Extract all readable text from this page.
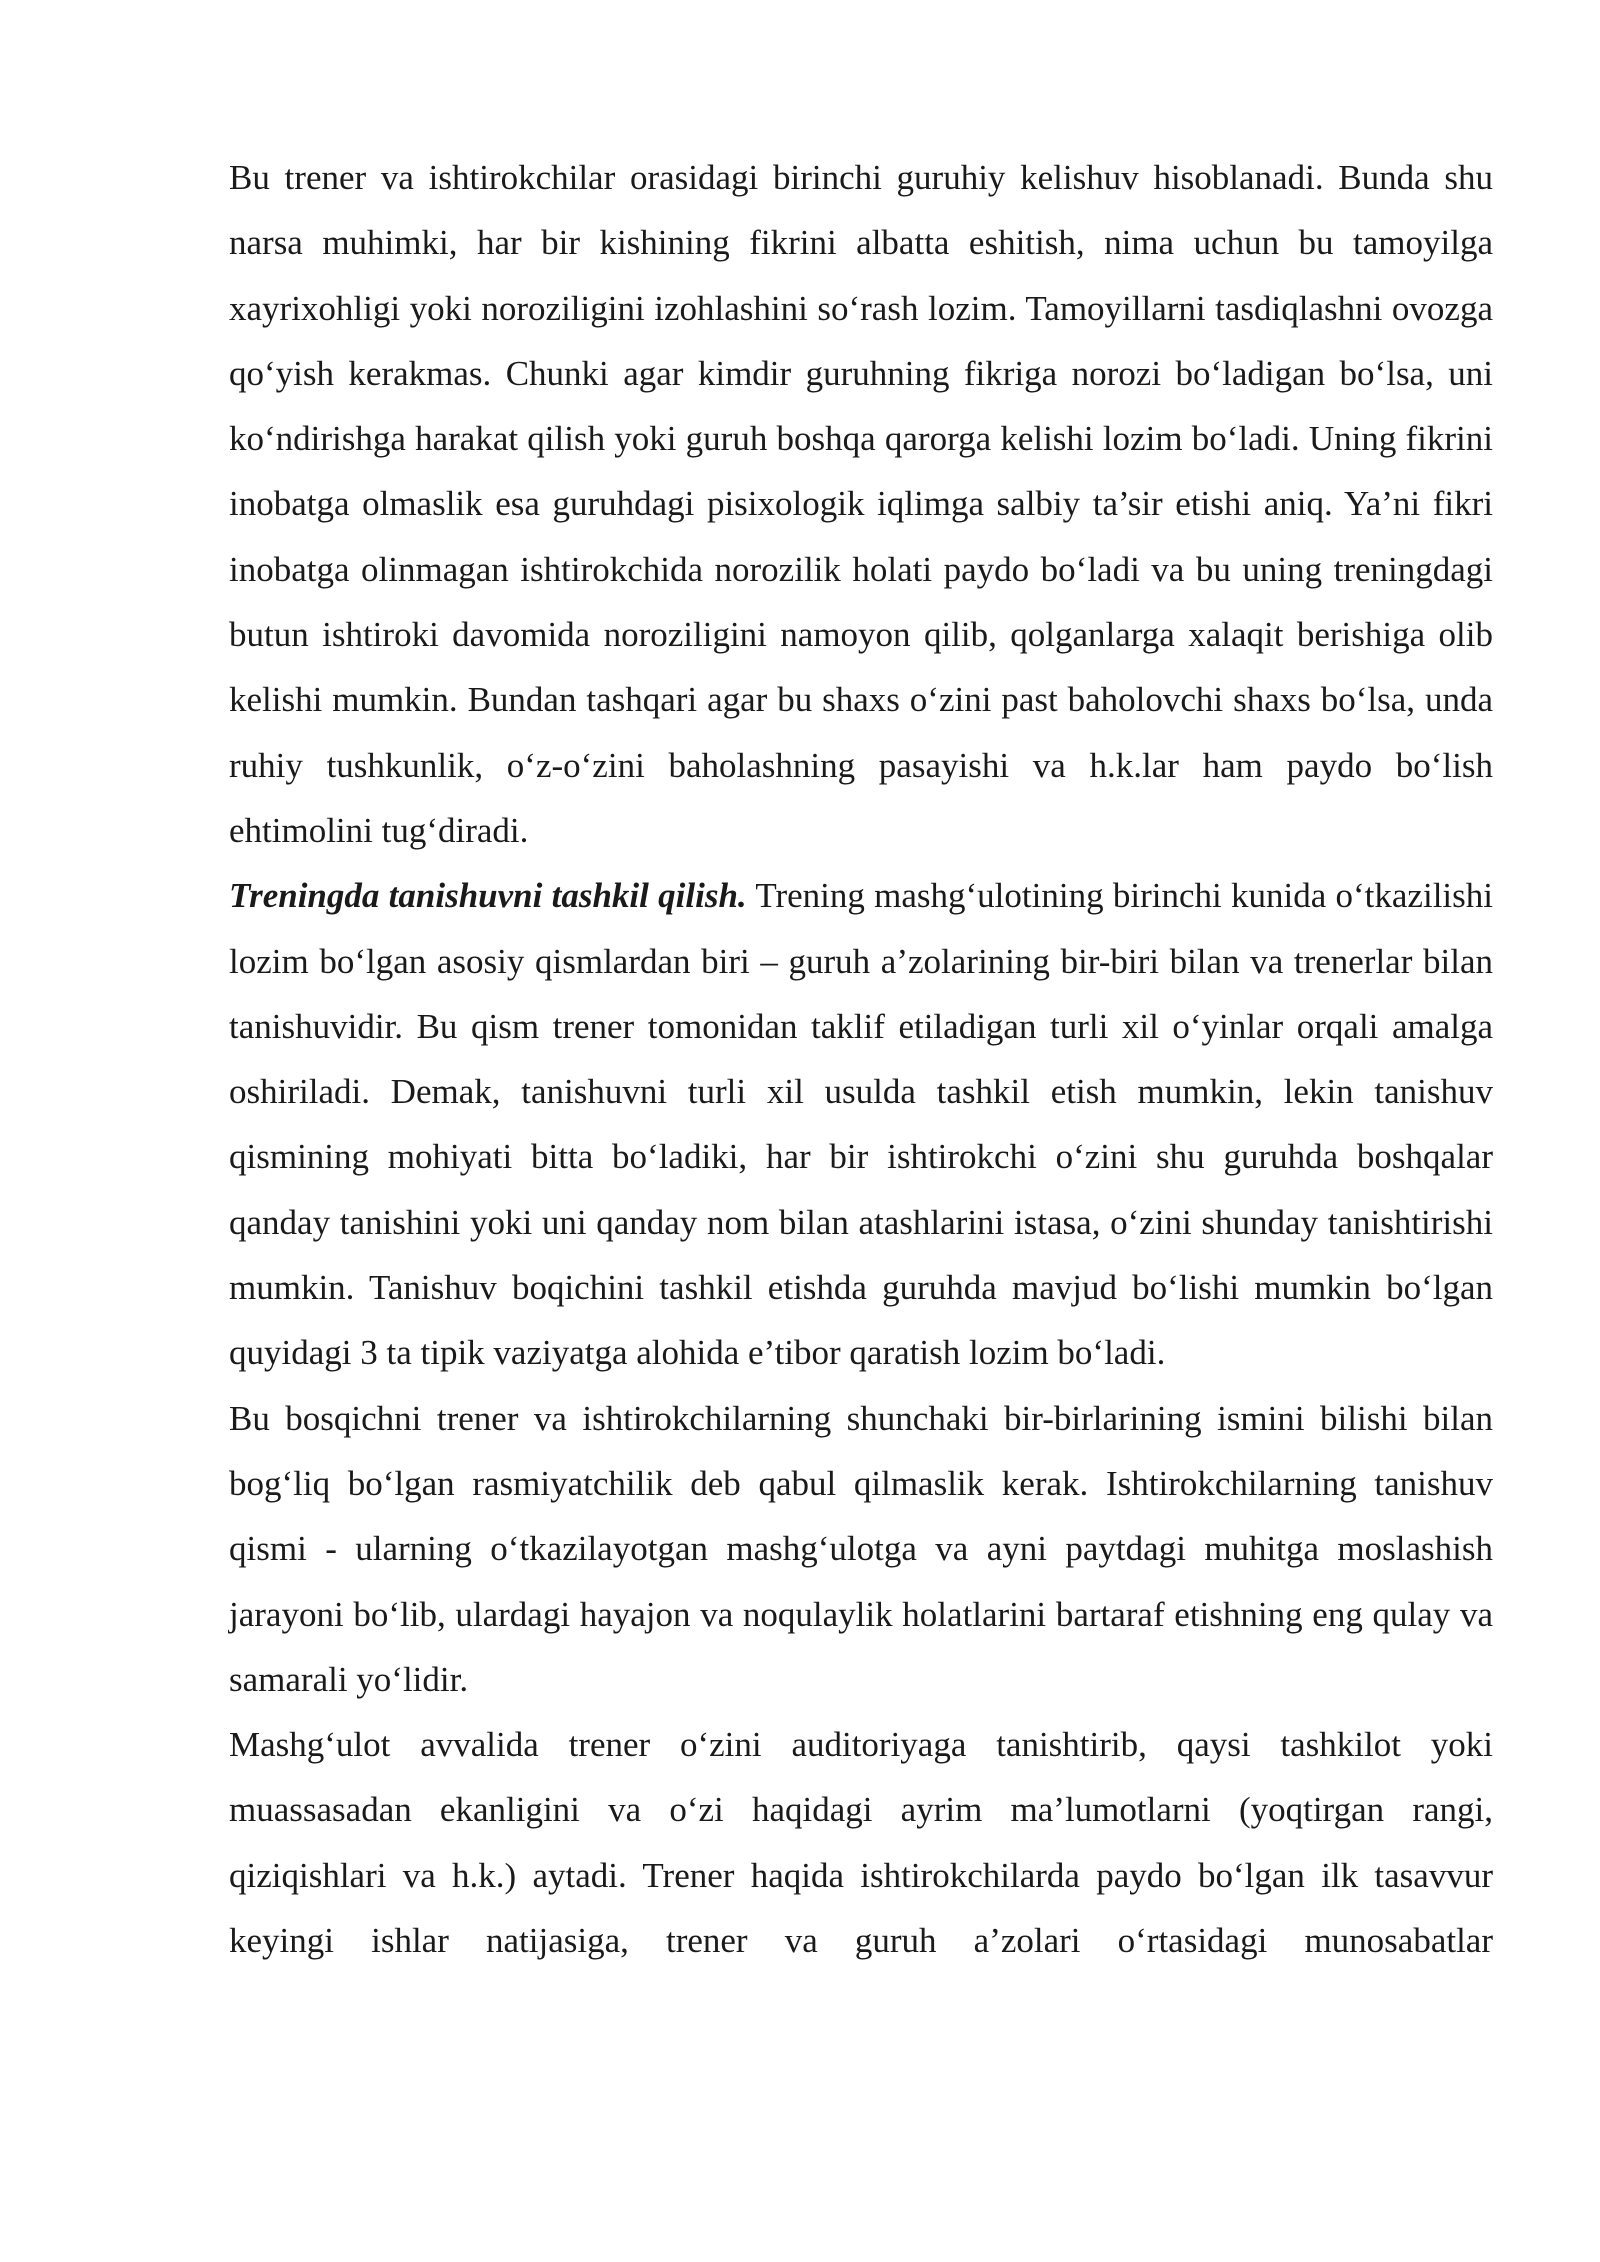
Bu trener va ishtirokchilar orasidagi birinchi guruhiy kelishuv hisoblanadi. Bunda shu narsa muhimki, har bir kishining fikrini albatta eshitish, nima uchun bu tamoyilga xayrixohligi yoki noroziligini izohlashini so‘rash lozim. Tamoyillarni tasdiqlashni ovozga qo‘yish kerakmas. Chunki agar kimdir guruhning fikriga norozi bo‘ladigan bo‘lsa, uni ko‘ndirishga harakat qilish yoki guruh boshqa qarorga kelishi lozim bo‘ladi. Uning fikrini inobatga olmaslik esa guruhdagi pisixologik iqlimga salbiy ta’sir etishi aniq. Ya’ni fikri inobatga olinmagan ishtirokchida norozilik holati paydo bo‘ladi va bu uning treningdagi butun ishtiroki davomida noroziligini namoyon qilib, qolganlarga xalaqit berishiga olib kelishi mumkin. Bundan tashqari agar bu shaxs o‘zini past baholovchi shaxs bo‘lsa, unda ruhiy tushkunlik, o‘z-o‘zini baholashning pasayishi va h.k.lar ham paydo bo‘lish ehtimolini tug‘diradi.

Treningda tanishuvni tashkil qilish. Trening mashg‘ulotining birinchi kunida o‘tkazilishi lozim bo‘lgan asosiy qismlardan biri – guruh a’zolarining bir-biri bilan va trenerlar bilan tanishuvidir. Bu qism trener tomonidan taklif etiladigan turli xil o‘yinlar orqali amalga oshiriladi. Demak, tanishuvni turli xil usulda tashkil etish mumkin, lekin tanishuv qismining mohiyati bitta bo‘ladiki, har bir ishtirokchi o‘zini shu guruhda boshqalar qanday tanishini yoki uni qanday nom bilan atashlarini istasa, o‘zini shunday tanishtirishi mumkin. Tanishuv boqichini tashkil etishda guruhda mavjud bo‘lishi mumkin bo‘lgan quyidagi 3 ta tipik vaziyatga alohida e’tibor qaratish lozim bo‘ladi.

Bu bosqichni trener va ishtirokchilarning shunchaki bir-birlarining ismini bilishi bilan bog‘liq bo‘lgan rasmiyatchilik deb qabul qilmaslik kerak. Ishtirokchilarning tanishuv qismi - ularning o‘tkazilayotgan mashg‘ulotga va ayni paytdagi muhitga moslashish jarayoni bo‘lib, ulardagi hayajon va noqulaylik holatlarini bartaraf etishning eng qulay va samarali yo‘lidir.

Mashg‘ulot avvalida trener o‘zini auditoriyaga tanishtirib, qaysi tashkilot yoki muassasadan ekanligini va o‘zi haqidagi ayrim ma’lumotlarni (yoqtirgan rangi, qiziqishlari va h.k.) aytadi. Trener haqida ishtirokchilarda paydo bo‘lgan ilk tasavvur keyingi ishlar natijasiga, trener va guruh a’zolari o‘rtasidagi munosabatlar
